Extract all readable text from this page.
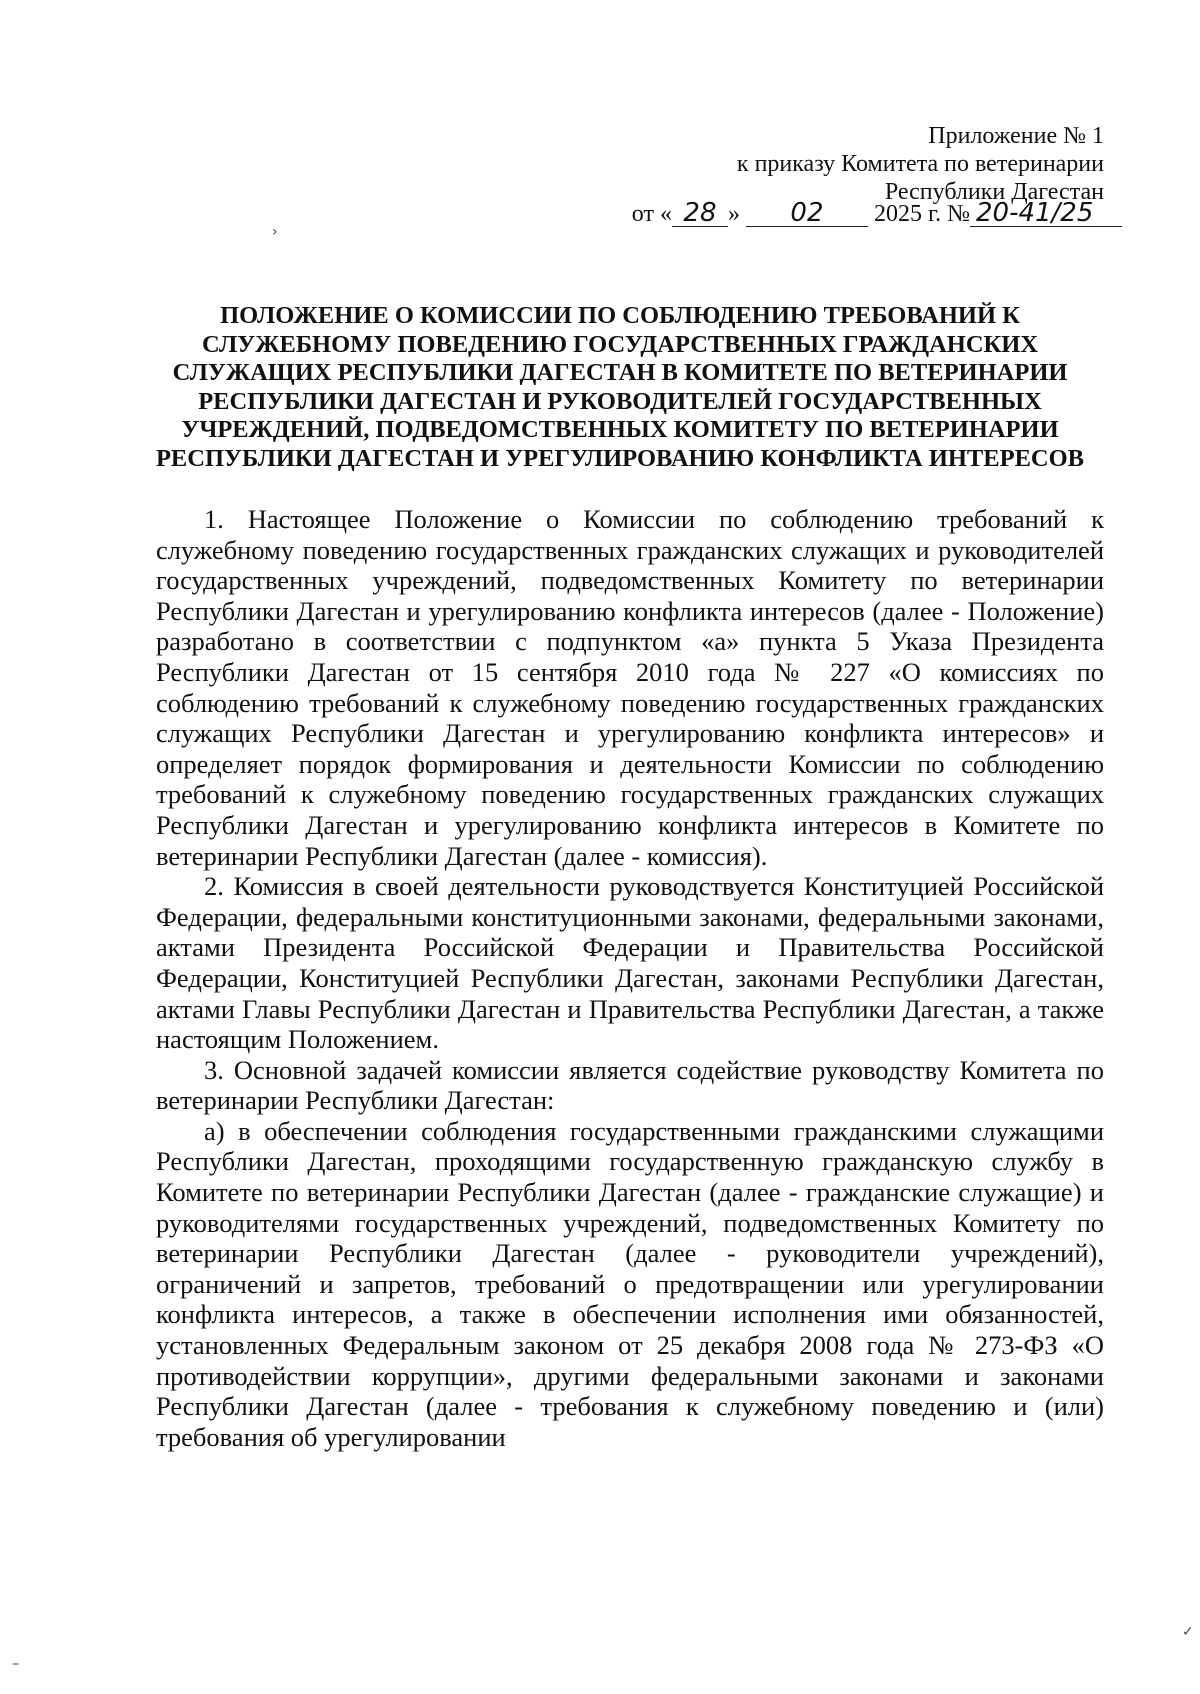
Приложение № 1
к приказу Комитета по ветеринарии
Республики Дагестан
от « 28 » 02 2025 г. № 20-41/25
›
ПОЛОЖЕНИЕ О КОМИССИИ ПО СОБЛЮДЕНИЮ ТРЕБОВАНИЙ К СЛУЖЕБНОМУ ПОВЕДЕНИЮ ГОСУДАРСТВЕННЫХ ГРАЖДАНСКИХ СЛУЖАЩИХ РЕСПУБЛИКИ ДАГЕСТАН В КОМИТЕТЕ ПО ВЕТЕРИНАРИИ РЕСПУБЛИКИ ДАГЕСТАН И РУКОВОДИТЕЛЕЙ ГОСУДАРСТВЕННЫХ УЧРЕЖДЕНИЙ, ПОДВЕДОМСТВЕННЫХ КОМИТЕТУ ПО ВЕТЕРИНАРИИ РЕСПУБЛИКИ ДАГЕСТАН И УРЕГУЛИРОВАНИЮ КОНФЛИКТА ИНТЕРЕСОВ

1. Настоящее Положение о Комиссии по соблюдению требований к служебному поведению государственных гражданских служащих и руководителей государственных учреждений, подведомственных Комитету по ветеринарии Республики Дагестан и урегулированию конфликта интересов (далее - Положение) разработано в соответствии с подпунктом «а» пункта 5 Указа Президента Республики Дагестан от 15 сентября 2010 года № 227 «О комиссиях по соблюдению требований к служебному поведению государственных гражданских служащих Республики Дагестан и урегулированию конфликта интересов» и определяет порядок формирования и деятельности Комиссии по соблюдению требований к служебному поведению государственных гражданских служащих Республики Дагестан и урегулированию конфликта интересов в Комитете по ветеринарии Республики Дагестан (далее - комиссия).

2. Комиссия в своей деятельности руководствуется Конституцией Российской Федерации, федеральными конституционными законами, федеральными законами, актами Президента Российской Федерации и Правительства Российской Федерации, Конституцией Республики Дагестан, законами Республики Дагестан, актами Главы Республики Дагестан и Правительства Республики Дагестан, а также настоящим Положением.

3. Основной задачей комиссии является содействие руководству Комитета по ветеринарии Республики Дагестан:

а) в обеспечении соблюдения государственными гражданскими служащими Республики Дагестан, проходящими государственную гражданскую службу в Комитете по ветеринарии Республики Дагестан (далее - гражданские служащие) и руководителями государственных учреждений, подведомственных Комитету по ветеринарии Республики Дагестан (далее - руководители учреждений), ограничений и запретов, требований о предотвращении или урегулировании конфликта интересов, а также в обеспечении исполнения ими обязанностей, установленных Федеральным законом от 25 декабря 2008 года № 273-ФЗ «О противодействии коррупции», другими федеральными законами и законами Республики Дагестан (далее - требования к служебному поведению и (или) требования об урегулировании

✓
–
